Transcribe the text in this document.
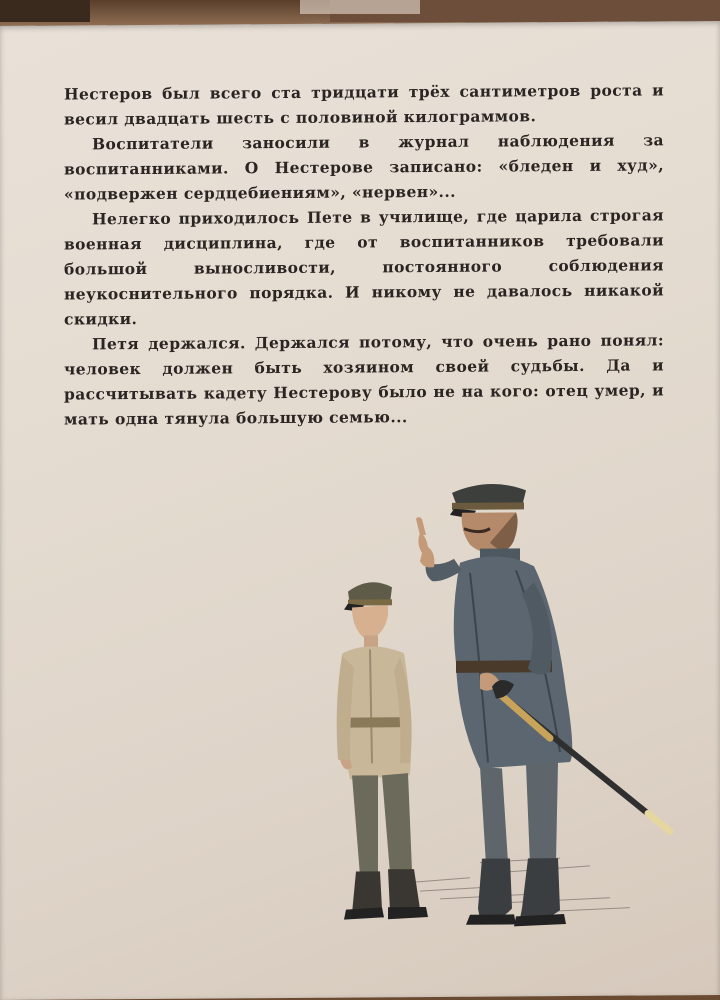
Нестеров был всего ста тридцати трёх сантиметров роста и весил двадцать шесть с половиной килограммов.

Воспитатели заносили в журнал наблюдения за воспитанниками. О Нестерове записано: «бледен и худ», «подвержен сердцебиениям», «нервен»...

Нелегко приходилось Пете в училище, где царила строгая военная дисциплина, где от воспитанников требовали большой выносливости, постоянного соблюдения неукоснительного порядка. И никому не давалось никакой скидки.

Петя держался. Держался потому, что очень рано понял: человек должен быть хозяином своей судьбы. Да и рассчитывать кадету Нестерову было не на кого: отец умер, и мать одна тянула большую семью...
